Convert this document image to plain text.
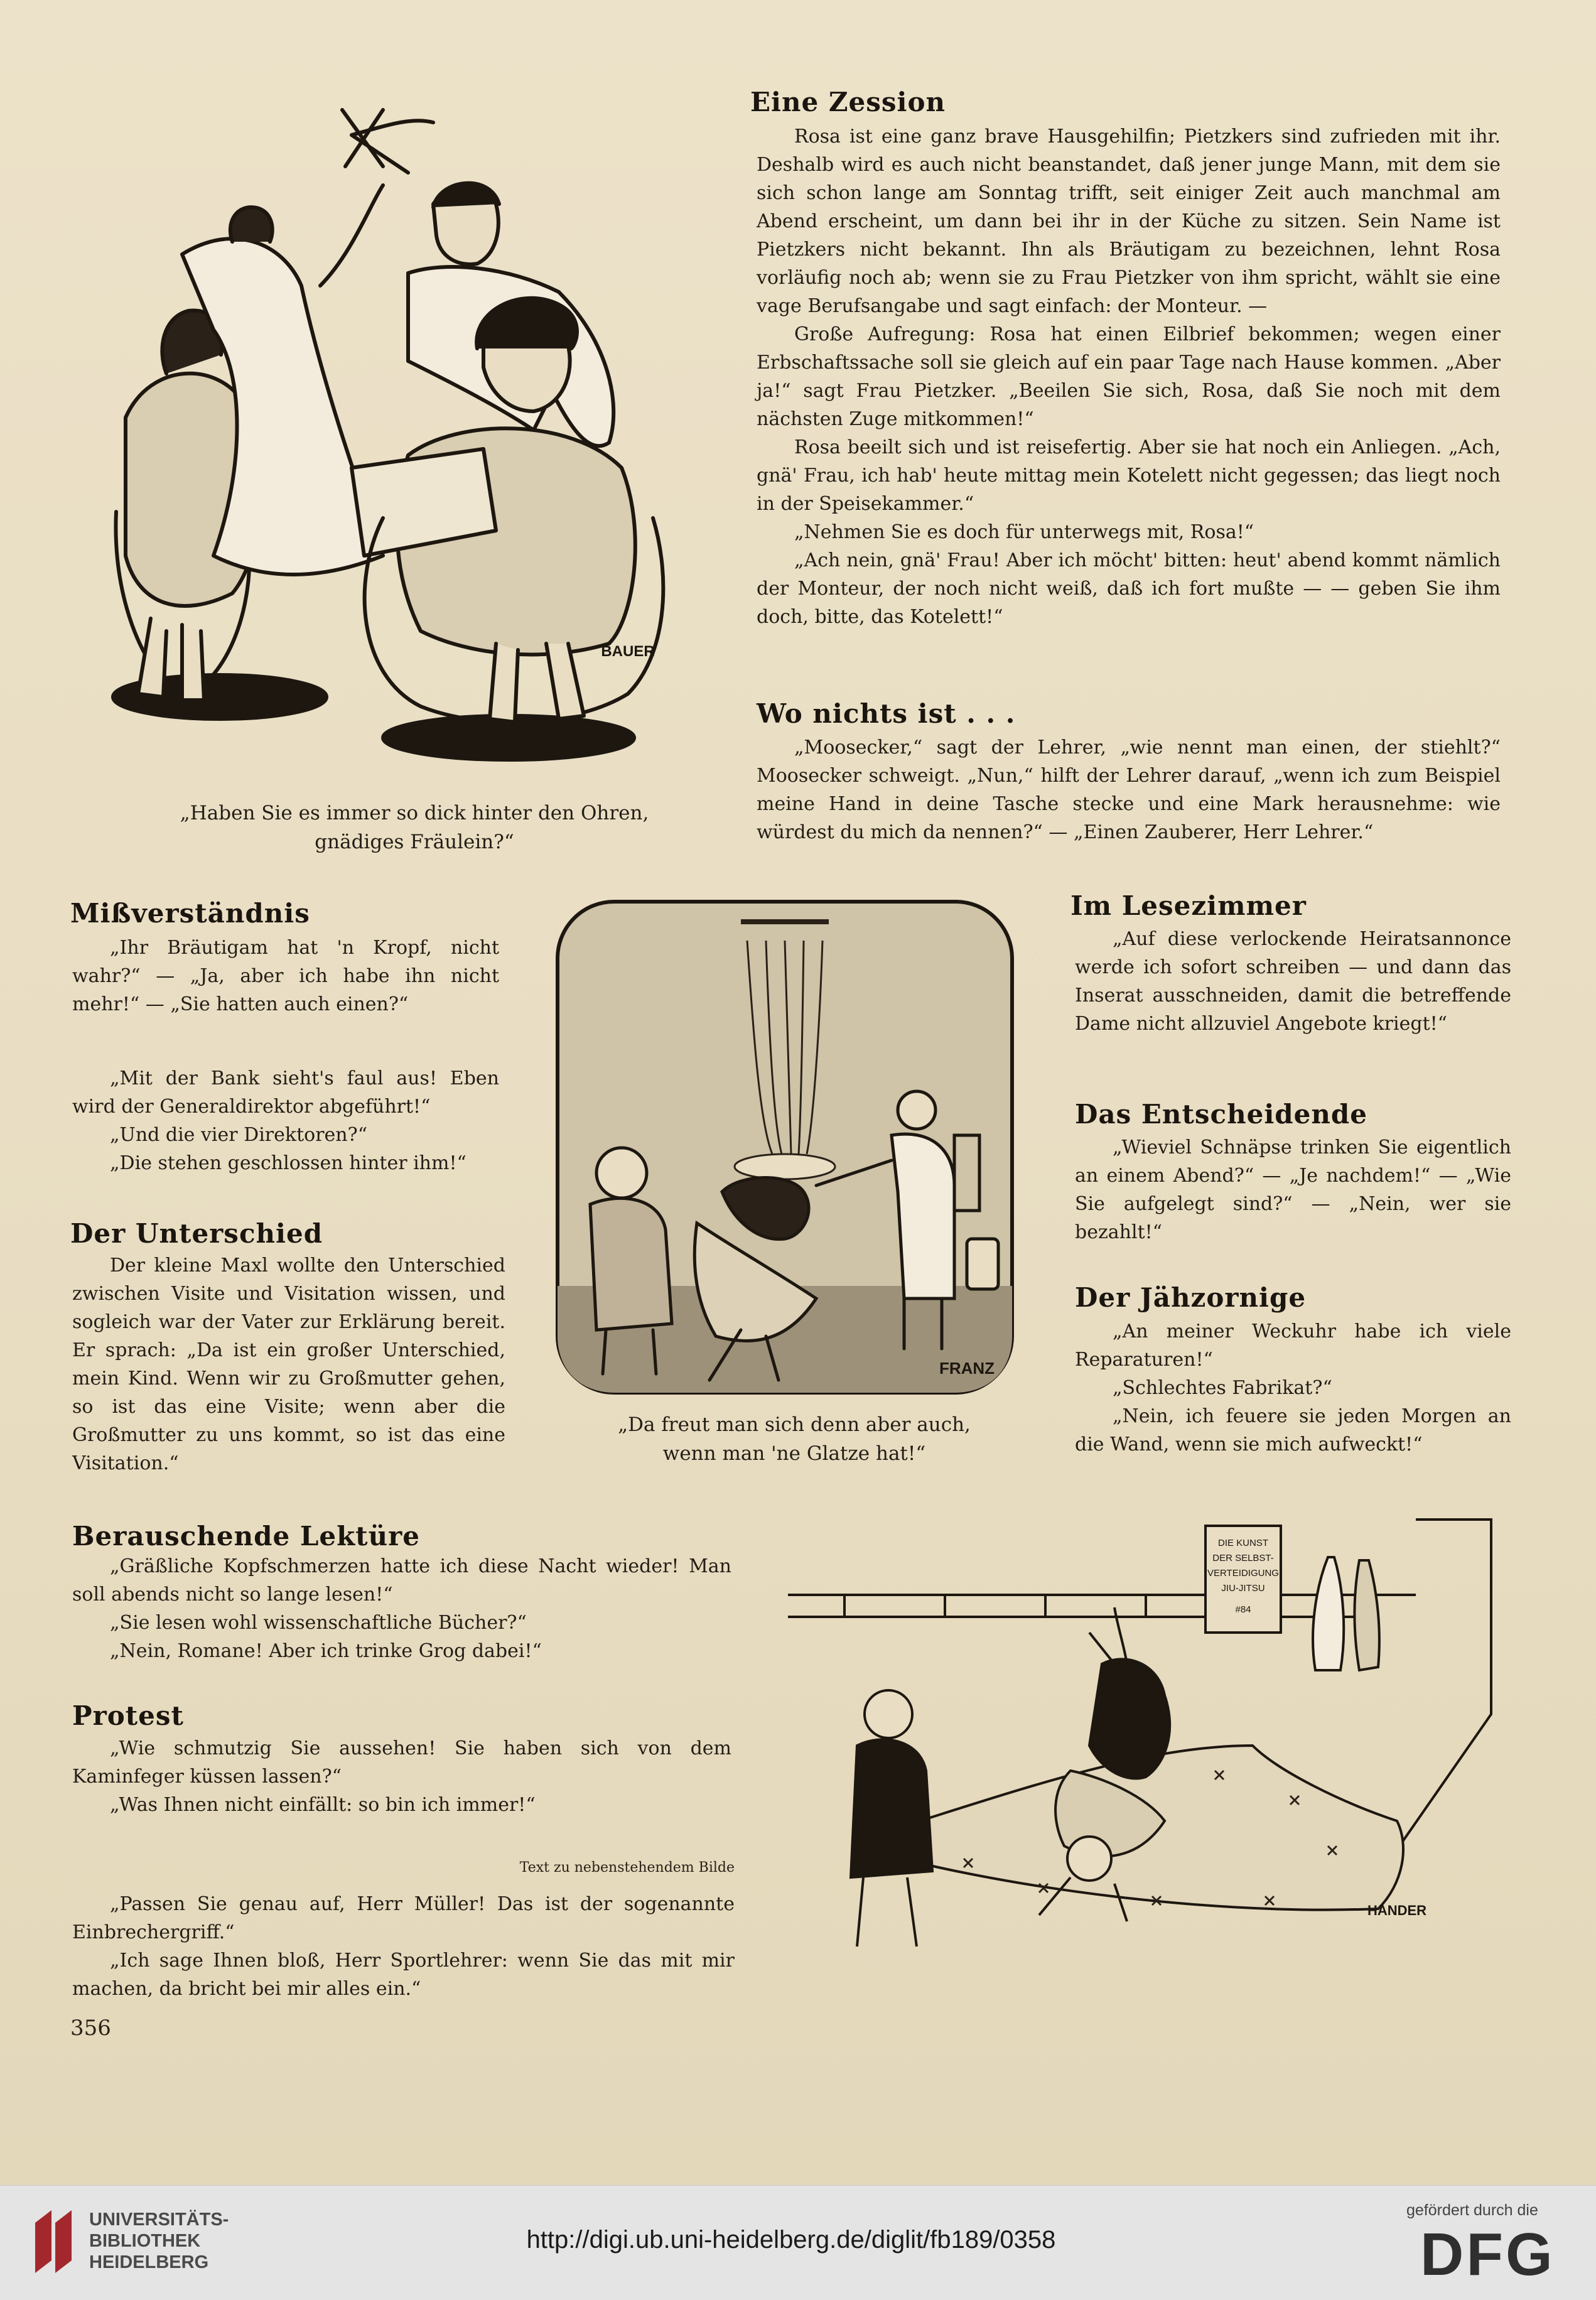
BAUER
„Haben Sie es immer so dick hinter den Ohren, gnädiges Fräulein?“
Eine Zession

Rosa ist eine ganz brave Hausgehilfin; Pietzkers sind zufrieden mit ihr. Deshalb wird es auch nicht beanstandet, daß jener junge Mann, mit dem sie sich schon lange am Sonntag trifft, seit einiger Zeit auch manchmal am Abend erscheint, um dann bei ihr in der Küche zu sitzen. Sein Name ist Pietzkers nicht bekannt. Ihn als Bräutigam zu bezeichnen, lehnt Rosa vorläufig noch ab; wenn sie zu Frau Pietzker von ihm spricht, wählt sie eine vage Berufsangabe und sagt einfach: der Monteur. —

Große Aufregung: Rosa hat einen Eilbrief bekommen; wegen einer Erbschaftssache soll sie gleich auf ein paar Tage nach Hause kommen. „Aber ja!“ sagt Frau Pietzker. „Beeilen Sie sich, Rosa, daß Sie noch mit dem nächsten Zuge mitkommen!“

Rosa beeilt sich und ist reisefertig. Aber sie hat noch ein Anliegen. „Ach, gnä' Frau, ich hab' heute mittag mein Kotelett nicht gegessen; das liegt noch in der Speisekammer.“

„Nehmen Sie es doch für unterwegs mit, Rosa!“

„Ach nein, gnä' Frau! Aber ich möcht' bitten: heut' abend kommt nämlich der Monteur, der noch nicht weiß, daß ich fort mußte — — geben Sie ihm doch, bitte, das Kotelett!“

Wo nichts ist . . .

„Moosecker,“ sagt der Lehrer, „wie nennt man einen, der stiehlt?“ Moosecker schweigt. „Nun,“ hilft der Lehrer darauf, „wenn ich zum Beispiel meine Hand in deine Tasche stecke und eine Mark herausnehme: wie würdest du mich da nennen?“ — „Einen Zauberer, Herr Lehrer.“

Mißverständnis

„Ihr Bräutigam hat 'n Kropf, nicht wahr?“ — „Ja, aber ich habe ihn nicht mehr!“ — „Sie hatten auch einen?“

„Mit der Bank sieht's faul aus! Eben wird der Generaldirektor abgeführt!“

„Und die vier Direktoren?“

„Die stehen geschlossen hinter ihm!“

Der Unterschied

Der kleine Maxl wollte den Unterschied zwischen Visite und Visitation wissen, und sogleich war der Vater zur Erklärung bereit. Er sprach: „Da ist ein großer Unterschied, mein Kind. Wenn wir zu Großmutter gehen, so ist das eine Visite; wenn aber die Großmutter zu uns kommt, so ist das eine Visitation.“

FRANZ
„Da freut man sich denn aber auch, wenn man 'ne Glatze hat!“
Im Lesezimmer

„Auf diese verlockende Heiratsannonce werde ich sofort schreiben — und dann das Inserat ausschneiden, damit die betreffende Dame nicht allzuviel Angebote kriegt!“

Das Entscheidende

„Wieviel Schnäpse trinken Sie eigentlich an einem Abend?“ — „Je nachdem!“ — „Wie Sie aufgelegt sind?“ — „Nein, wer sie bezahlt!“

Der Jähzornige

„An meiner Weckuhr habe ich viele Reparaturen!“

„Schlechtes Fabrikat?“

„Nein, ich feuere sie jeden Morgen an die Wand, wenn sie mich aufweckt!“

Berauschende Lektüre

„Gräßliche Kopfschmerzen hatte ich diese Nacht wieder! Man soll abends nicht so lange lesen!“

„Sie lesen wohl wissenschaftliche Bücher?“

„Nein, Romane! Aber ich trinke Grog dabei!“

Protest

„Wie schmutzig Sie aussehen! Sie haben sich von dem Kaminfeger küssen lassen?“

„Was Ihnen nicht einfällt: so bin ich immer!“

Text zu nebenstehendem Bilde

„Passen Sie genau auf, Herr Müller! Das ist der sogenannte Einbrechergriff.“

„Ich sage Ihnen bloß, Herr Sportlehrer: wenn Sie das mit mir machen, da bricht bei mir alles ein.“

356
DIE KUNST
DER SELBST-
VERTEIDIGUNG
JIU-JITSU
#84
HANDER
UNIVERSITÄTS-
BIBLIOTHEK
HEIDELBERG
http://digi.ub.uni-heidelberg.de/diglit/fb189/0358
gefördert durch die
DFG
